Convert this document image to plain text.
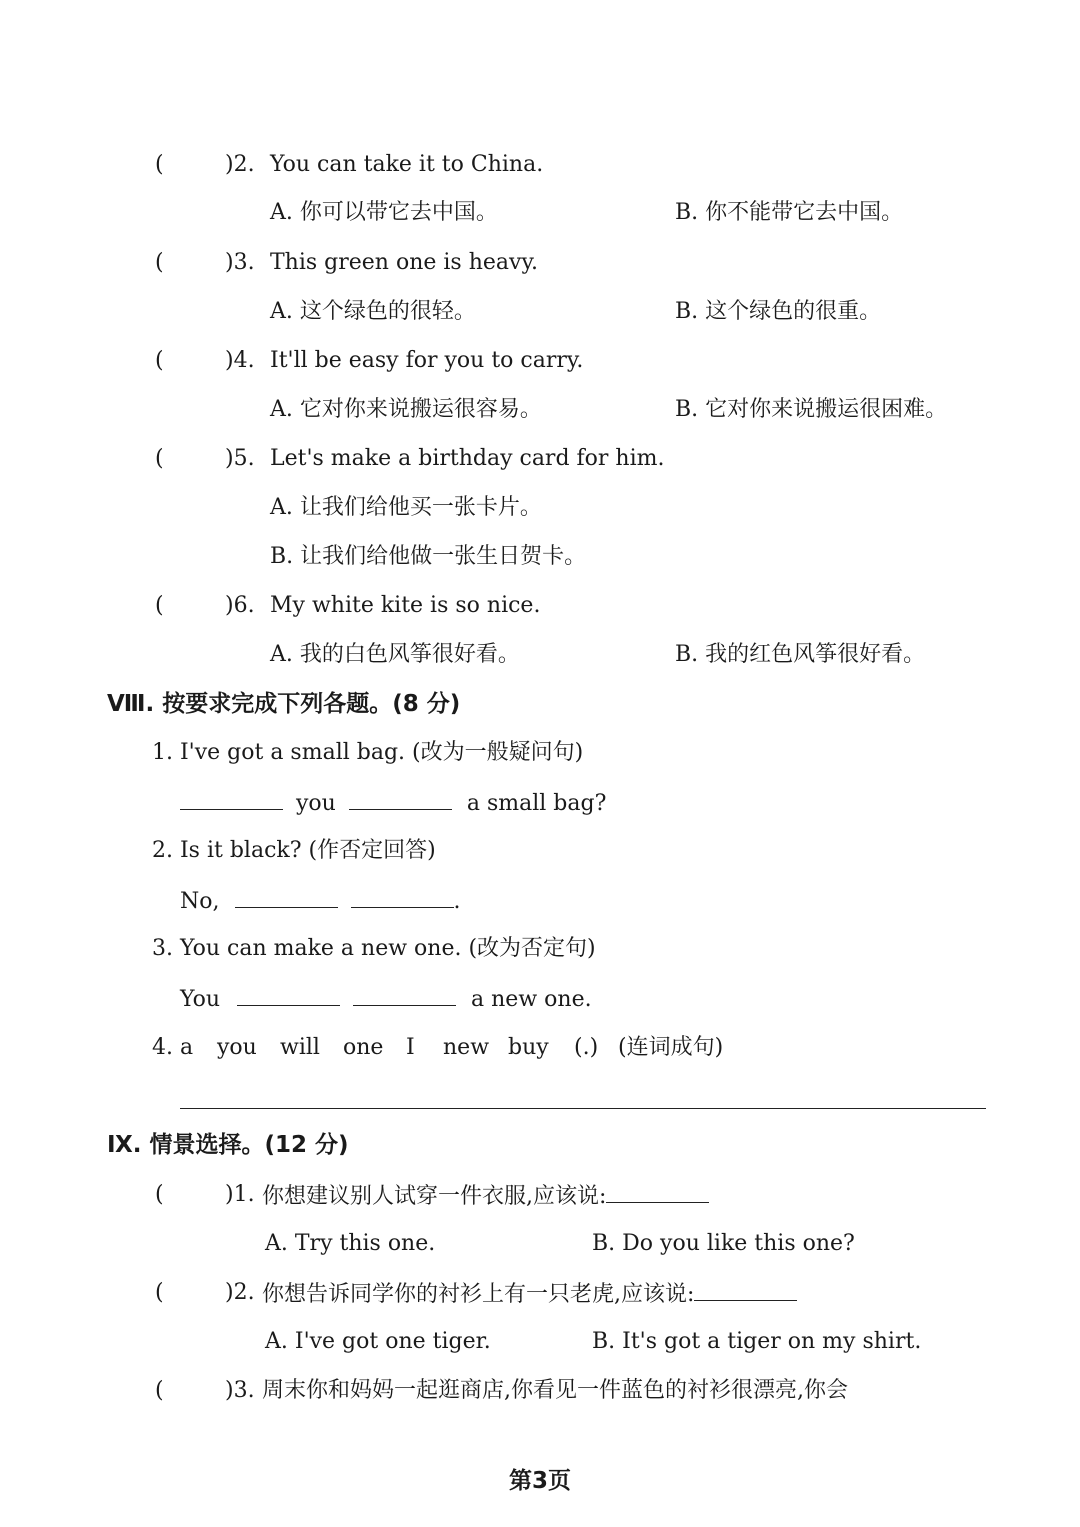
(	)2. You can take it to China.
A. 你可以带它去中国。	B. 你不能带它去中国。
(	)3. This green one is heavy.
A. 这个绿色的很轻。	B. 这个绿色的很重。
(	)4. It'll be easy for you to carry.
A. 它对你来说搬运很容易。	B. 它对你来说搬运很困难。
(	)5. Let's make a birthday card for him.
A. 让我们给他买一张卡片。
B. 让我们给他做一张生日贺卡。
(	)6. My white kite is so nice.
A. 我的白色风筝很好看。	B. 我的红色风筝很好看。
Ⅷ. 按要求完成下列各题。(8 分)
1. I've got a small bag. (改为一般疑问句)
you	a small bag?
2. Is it black? (作否定回答)
No,	.
3. You can make a new one. (改为否定句)
You	a new one.
4. a you will one I new buy (.) (连词成句)
Ⅸ. 情景选择。(12 分)
(	)1. 你想建议别人试穿一件衣服,应该说:
A. Try this one.	B. Do you like this one?
(	)2. 你想告诉同学你的衬衫上有一只老虎,应该说:
A. I've got one tiger.	B. It's got a tiger on my shirt.
(	)3. 周末你和妈妈一起逛商店,你看见一件蓝色的衬衫很漂亮,你会
第3页
